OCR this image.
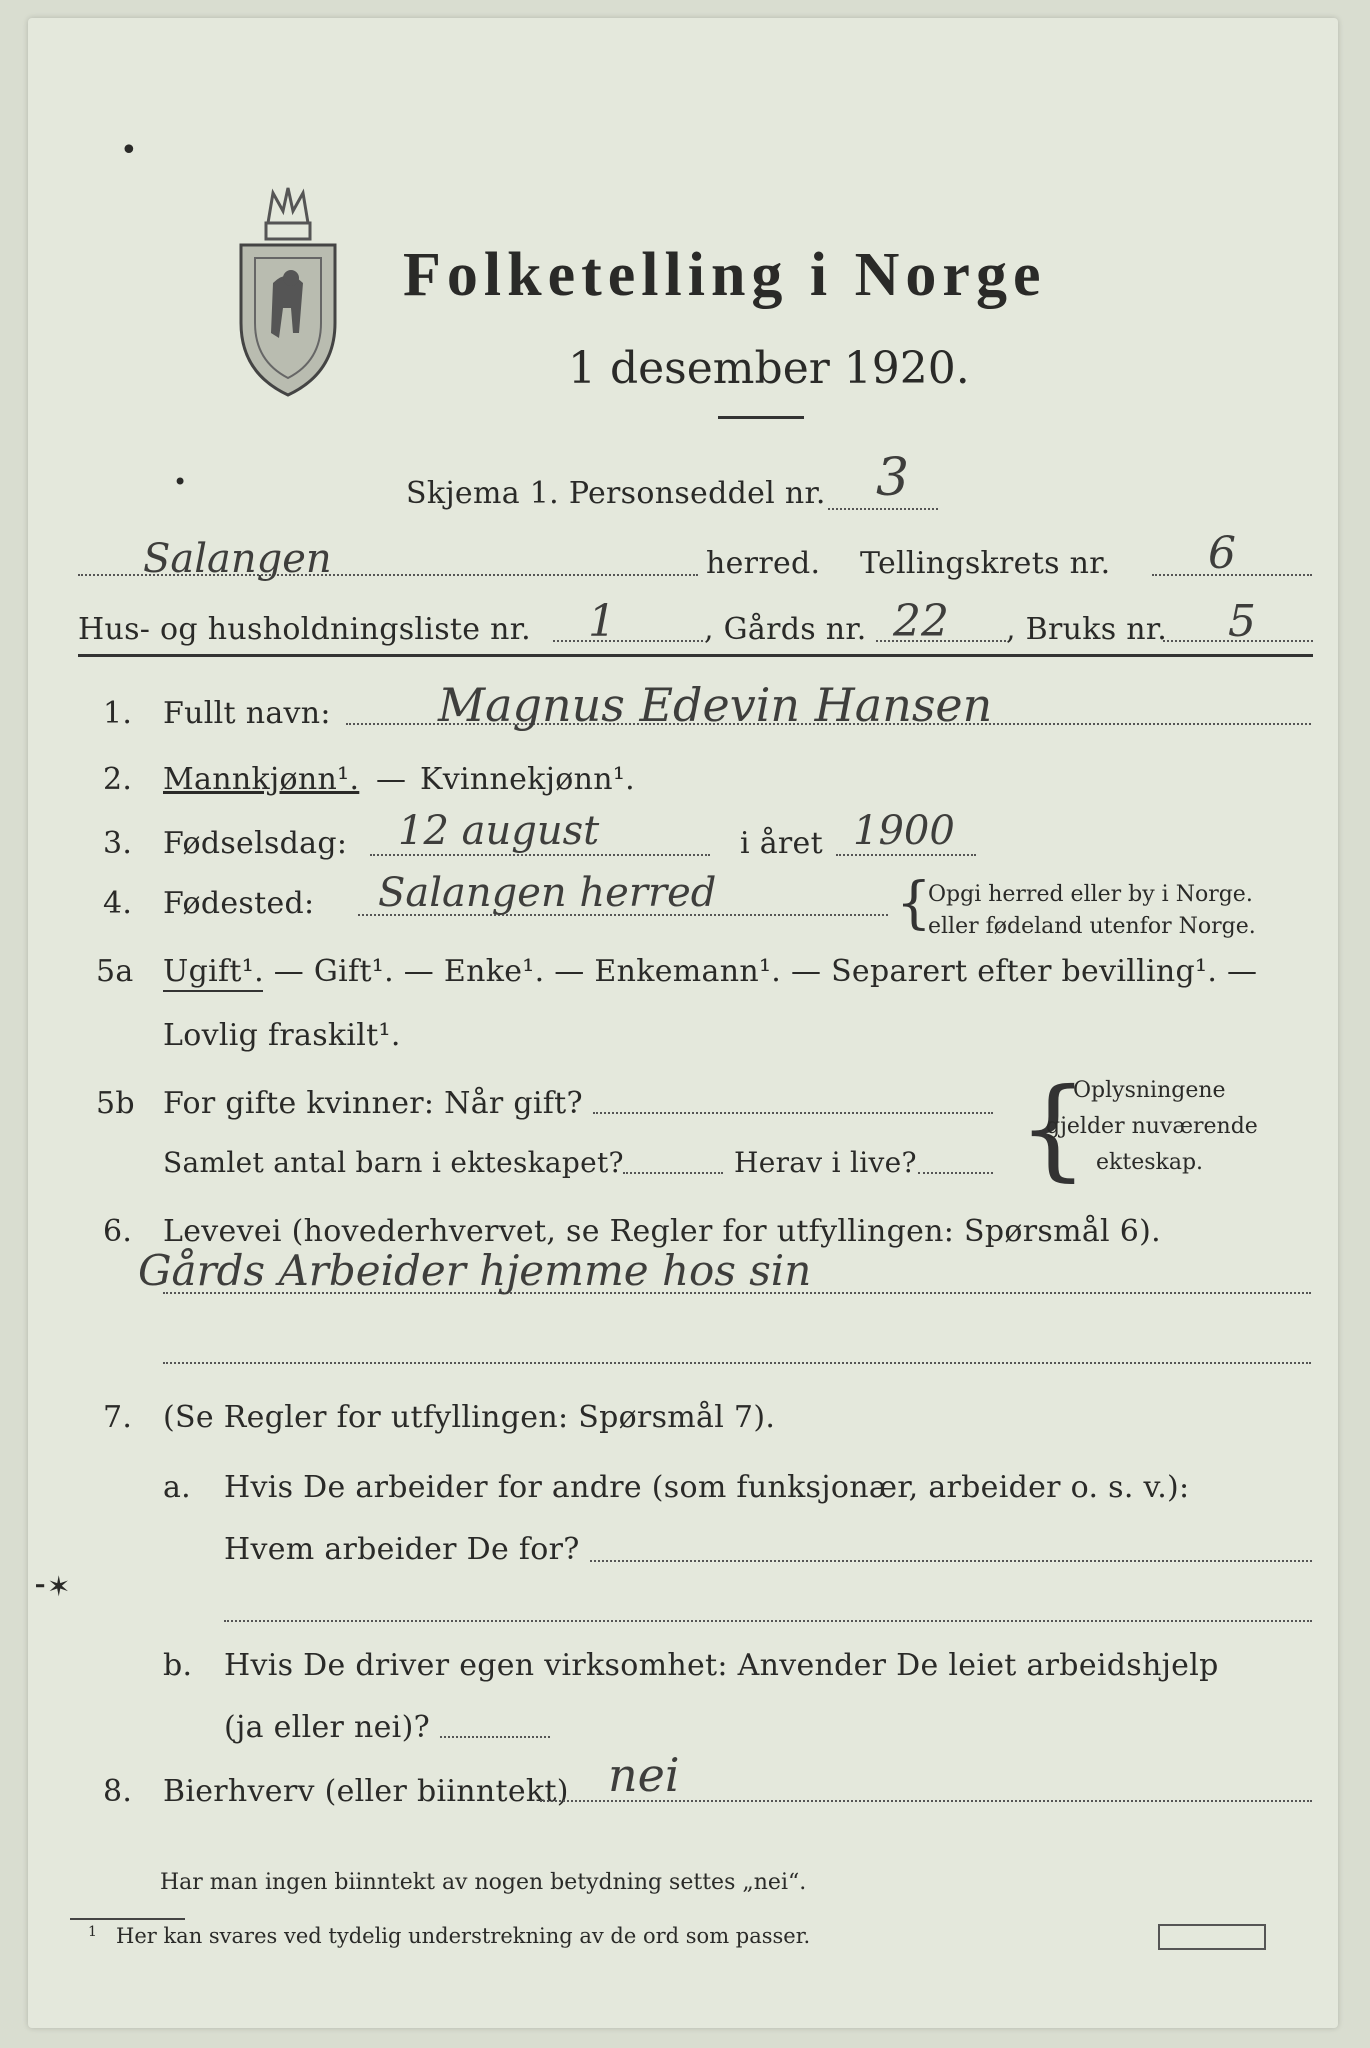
Folketelling i Norge
1 desember 1920.
•
•	Skjema 1. Personseddel nr. 3
Salangen	herred. Tellingskrets nr. 6
Hus- og husholdningsliste nr. 1	, Gårds nr. 22 , Bruks nr. 5
1. Fullt navn: Magnus Edevin Hansen
2. Mannkjønn¹. — Kvinnekjønn¹.
3. Fødselsdag: 12 august	i året 1900
4. Fødested: Salangen herred	{
Opgi herred eller by i Norge.
eller fødeland utenfor Norge.
5a Ugift¹. — Gift¹. — Enke¹. — Enkemann¹. — Separert efter bevilling¹. —
Lovlig fraskilt¹.
5b For gifte kvinner: Når gift?
Samlet antal barn i ekteskapet?	Herav i live? {
Oplysningene
gjelder nuværende
ekteskap.
6. Levevei (hovederhvervet, se Regler for utfyllingen: Spørsmål 6).
Gårds Arbeider hjemme hos sin
7. (Se Regler for utfyllingen: Spørsmål 7).
a. Hvis De arbeider for andre (som funksjonær, arbeider o. s. v.):
Hvem arbeider De for?
⁃✶
b. Hvis De driver egen virksomhet: Anvender De leiet arbeidshjelp
(ja eller nei)?
8. Bierhverv (eller biinntekt) nei
Har man ingen biinntekt av nogen betydning settes „nei“.
1 Her kan svares ved tydelig understrekning av de ord som passer.
